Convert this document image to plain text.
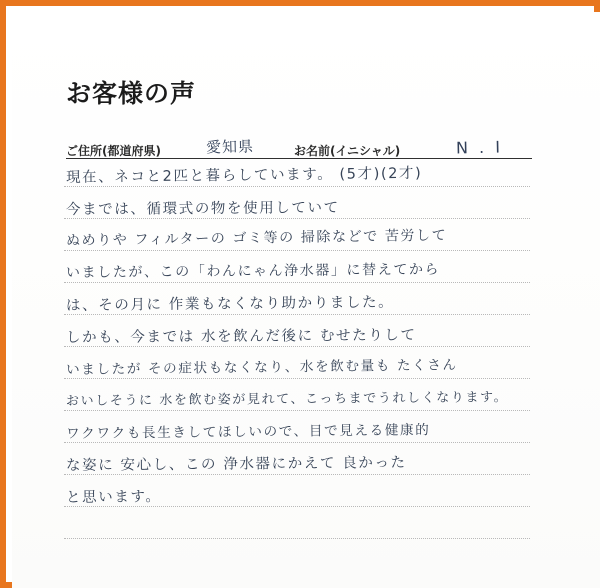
お客様の声
ご住所(都道府県)	愛知県	お名前(イニシャル)	N . I
現在、ネコと2匹と暮らしています。 (5才)(2才)
今までは、循環式の物を使用していて
ぬめりや フィルターの ゴミ等の 掃除などで 苦労して
いましたが、この「わんにゃん浄水器」に替えてから
は、その月に 作業もなくなり助かりました。
しかも、今までは 水を飲んだ後に むせたりして
いましたが その症状もなくなり、水を飲む量も たくさん
おいしそうに 水を飲む姿が見れて、こっちまでうれしくなります。
ワクワクも長生きしてほしいので、目で見える健康的
な姿に 安心し、この 浄水器にかえて 良かった
と思います。
